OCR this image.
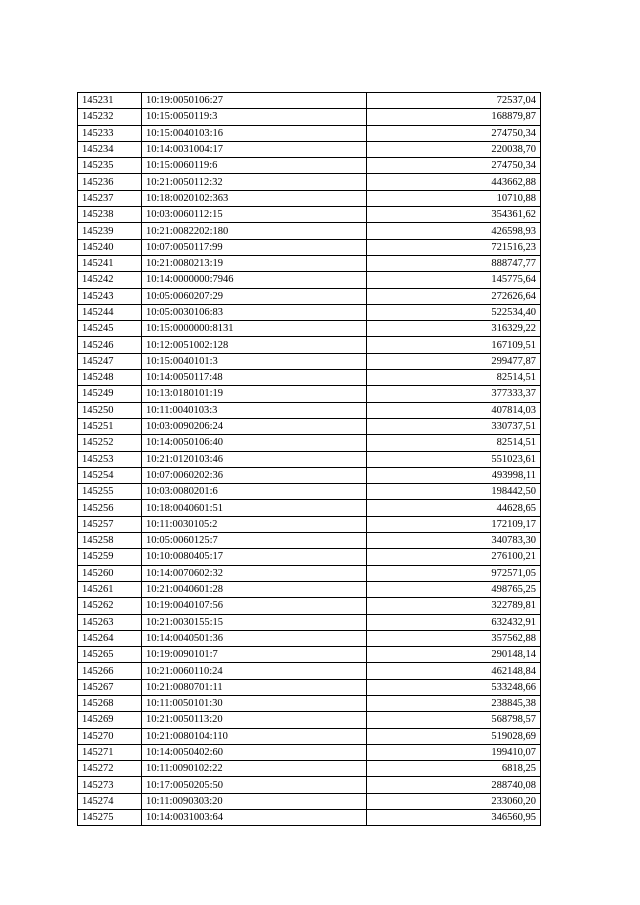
145231	10:19:0050106:27	72537,04
145232	10:15:0050119:3	168879,87
145233	10:15:0040103:16	274750,34
145234	10:14:0031004:17	220038,70
145235	10:15:0060119:6	274750,34
145236	10:21:0050112:32	443662,88
145237	10:18:0020102:363	10710,88
145238	10:03:0060112:15	354361,62
145239	10:21:0082202:180	426598,93
145240	10:07:0050117:99	721516,23
145241	10:21:0080213:19	888747,77
145242	10:14:0000000:7946	145775,64
145243	10:05:0060207:29	272626,64
145244	10:05:0030106:83	522534,40
145245	10:15:0000000:8131	316329,22
145246	10:12:0051002:128	167109,51
145247	10:15:0040101:3	299477,87
145248	10:14:0050117:48	82514,51
145249	10:13:0180101:19	377333,37
145250	10:11:0040103:3	407814,03
145251	10:03:0090206:24	330737,51
145252	10:14:0050106:40	82514,51
145253	10:21:0120103:46	551023,61
145254	10:07:0060202:36	493998,11
145255	10:03:0080201:6	198442,50
145256	10:18:0040601:51	44628,65
145257	10:11:0030105:2	172109,17
145258	10:05:0060125:7	340783,30
145259	10:10:0080405:17	276100,21
145260	10:14:0070602:32	972571,05
145261	10:21:0040601:28	498765,25
145262	10:19:0040107:56	322789,81
145263	10:21:0030155:15	632432,91
145264	10:14:0040501:36	357562,88
145265	10:19:0090101:7	290148,14
145266	10:21:0060110:24	462148,84
145267	10:21:0080701:11	533248,66
145268	10:11:0050101:30	238845,38
145269	10:21:0050113:20	568798,57
145270	10:21:0080104:110	519028,69
145271	10:14:0050402:60	199410,07
145272	10:11:0090102:22	6818,25
145273	10:17:0050205:50	288740,08
145274	10:11:0090303:20	233060,20
145275	10:14:0031003:64	346560,95
